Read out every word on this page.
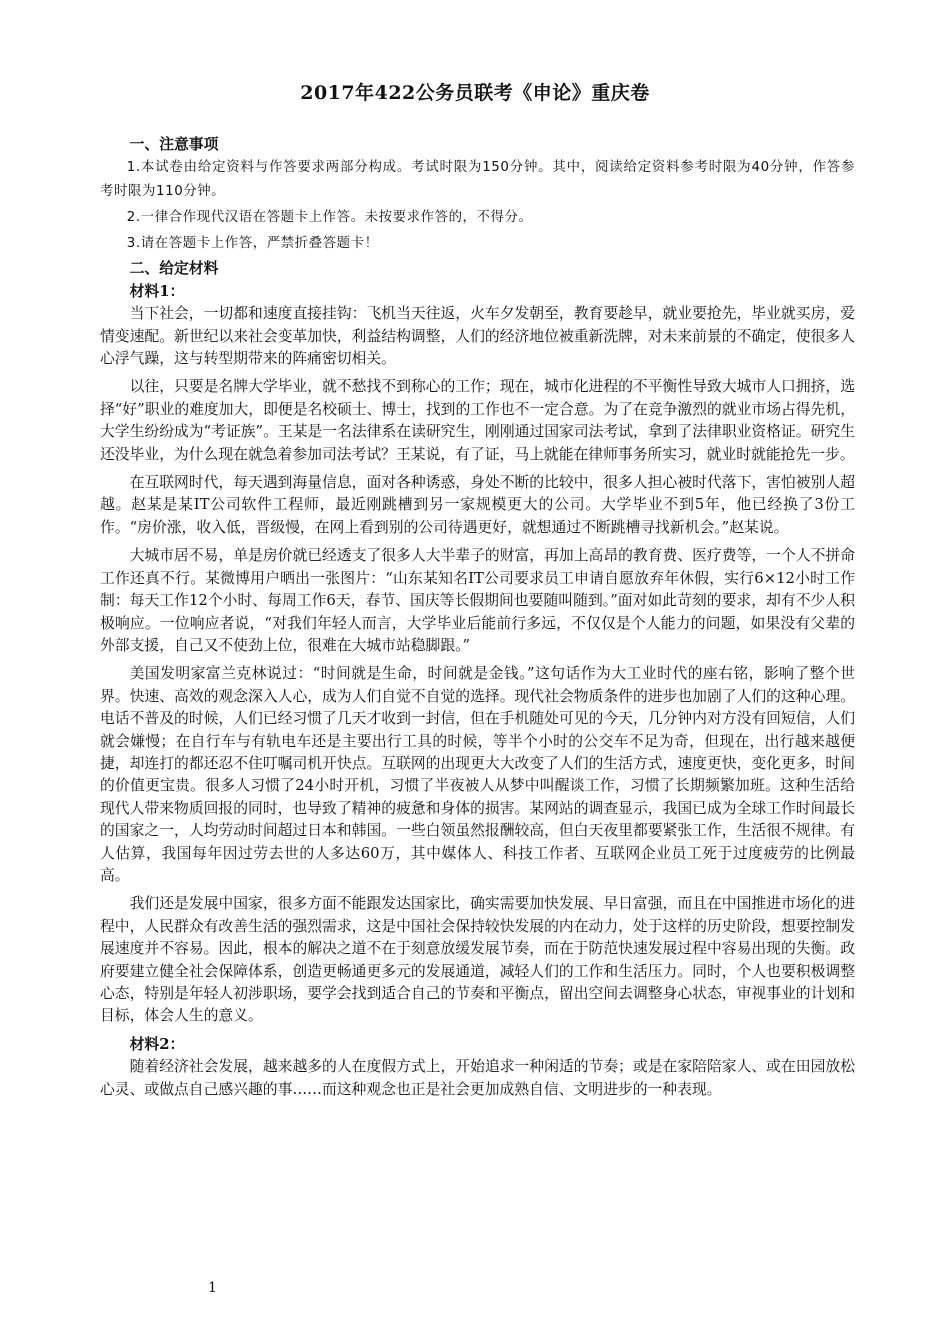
2017年422公务员联考《申论》重庆卷

一、注意事项

1.本试卷由给定资料与作答要求两部分构成。考试时限为150分钟。其中，阅读给定资料参考时限为40分钟，作答参考时限为110分钟。

2.一律合作现代汉语在答题卡上作答。未按要求作答的，不得分。

3.请在答题卡上作答，严禁折叠答题卡！

二、给定材料

材料1：

当下社会，一切都和速度直接挂钩：飞机当天往返，火车夕发朝至，教育要趁早，就业要抢先，毕业就买房，爱情变速配。新世纪以来社会变革加快，利益结构调整，人们的经济地位被重新洗牌，对未来前景的不确定，使很多人心浮气躁，这与转型期带来的阵痛密切相关。

以往，只要是名牌大学毕业，就不愁找不到称心的工作；现在，城市化进程的不平衡性导致大城市人口拥挤，选择“好”职业的难度加大，即便是名校硕士、博士，找到的工作也不一定合意。为了在竞争激烈的就业市场占得先机，大学生纷纷成为“考证族”。王某是一名法律系在读研究生，刚刚通过国家司法考试，拿到了法律职业资格证。研究生还没毕业，为什么现在就急着参加司法考试？王某说，有了证，马上就能在律师事务所实习，就业时就能抢先一步。

在互联网时代，每天遇到海量信息，面对各种诱惑，身处不断的比较中，很多人担心被时代落下，害怕被别人超越。赵某是某IT公司软件工程师，最近刚跳槽到另一家规模更大的公司。大学毕业不到5年，他已经换了3份工作。“房价涨，收入低，晋级慢，在网上看到别的公司待遇更好，就想通过不断跳槽寻找新机会。”赵某说。

大城市居不易，单是房价就已经透支了很多人大半辈子的财富，再加上高昂的教育费、医疗费等，一个人不拼命工作还真不行。某微博用户晒出一张图片：“山东某知名IT公司要求员工申请自愿放弃年休假，实行6×12小时工作制：每天工作12个小时、每周工作6天，春节、国庆等长假期间也要随叫随到。”面对如此苛刻的要求，却有不少人积极响应。一位响应者说，“对我们年轻人而言，大学毕业后能前行多远，不仅仅是个人能力的问题，如果没有父辈的外部支援，自己又不使劲上位，很难在大城市站稳脚跟。”

美国发明家富兰克林说过：“时间就是生命，时间就是金钱。”这句话作为大工业时代的座右铭，影响了整个世界。快速、高效的观念深入人心，成为人们自觉不自觉的选择。现代社会物质条件的进步也加剧了人们的这种心理。电话不普及的时候，人们已经习惯了几天才收到一封信，但在手机随处可见的今天，几分钟内对方没有回短信，人们就会嫌慢；在自行车与有轨电车还是主要出行工具的时候，等半个小时的公交车不足为奇，但现在，出行越来越便捷，却连打的都还忍不住叮嘱司机开快点。互联网的出现更大大改变了人们的生活方式，速度更快，变化更多，时间的价值更宝贵。很多人习惯了24小时开机，习惯了半夜被人从梦中叫醒谈工作，习惯了长期频繁加班。这种生活给现代人带来物质回报的同时，也导致了精神的疲惫和身体的损害。某网站的调查显示，我国已成为全球工作时间最长的国家之一，人均劳动时间超过日本和韩国。一些白领虽然报酬较高，但白天夜里都要紧张工作，生活很不规律。有人估算，我国每年因过劳去世的人多达60万，其中媒体人、科技工作者、互联网企业员工死于过度疲劳的比例最高。

我们还是发展中国家，很多方面不能跟发达国家比，确实需要加快发展、早日富强，而且在中国推进市场化的进程中，人民群众有改善生活的强烈需求，这是中国社会保持较快发展的内在动力，处于这样的历史阶段，想要控制发展速度并不容易。因此，根本的解决之道不在于刻意放缓发展节奏，而在于防范快速发展过程中容易出现的失衡。政府要建立健全社会保障体系，创造更畅通更多元的发展通道，减轻人们的工作和生活压力。同时，个人也要积极调整心态，特别是年轻人初涉职场，要学会找到适合自己的节奏和平衡点，留出空间去调整身心状态，审视事业的计划和目标，体会人生的意义。

材料2：

随着经济社会发展，越来越多的人在度假方式上，开始追求一种闲适的节奏；或是在家陪陪家人、或在田园放松心灵、或做点自己感兴趣的事……而这种观念也正是社会更加成熟自信、文明进步的一种表现。

1
